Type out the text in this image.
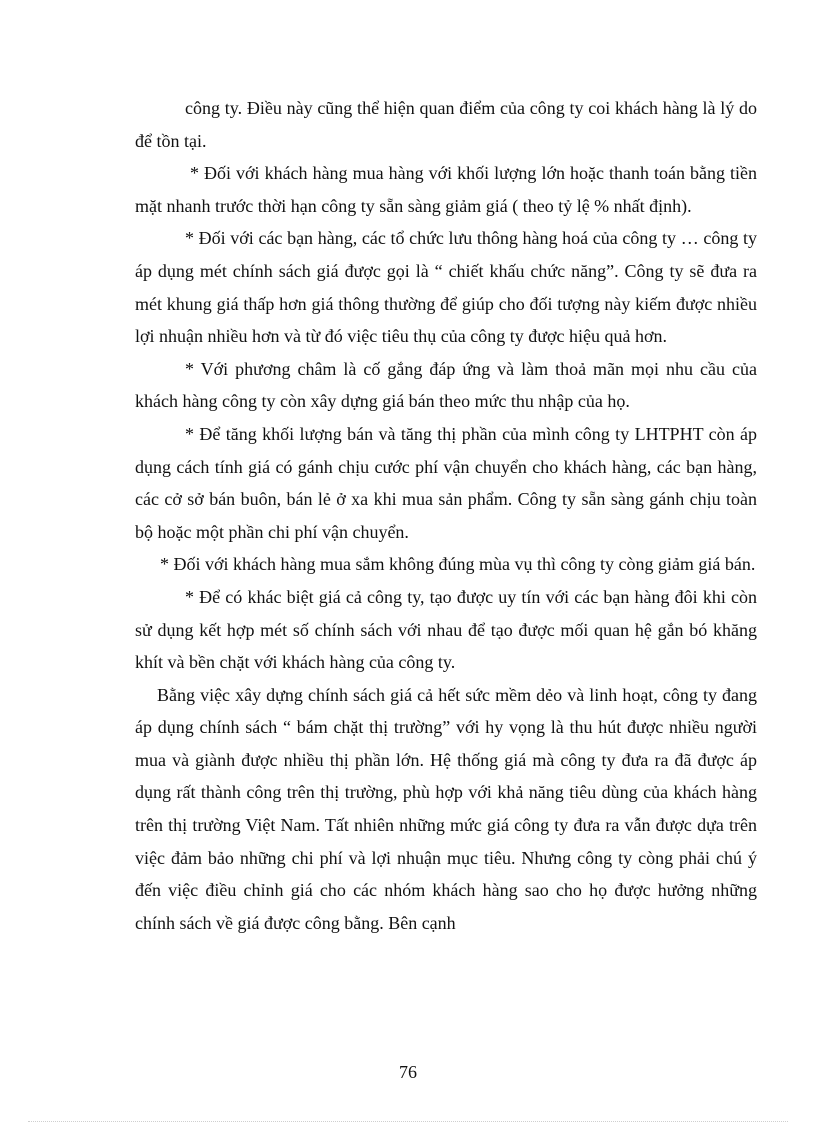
công ty. Điều này cũng thể hiện quan điểm của công ty coi khách hàng là lý do để tồn tại.

* Đối với khách hàng mua hàng với khối lượng lớn hoặc thanh toán bằng tiền mặt nhanh trước thời hạn công ty sẵn sàng giảm giá ( theo tỷ lệ % nhất định).

* Đối với các bạn hàng, các tổ chức lưu thông hàng hoá của công ty … công ty áp dụng mét chính sách giá được gọi là “ chiết khấu chức năng”. Công ty sẽ đưa ra mét khung giá thấp hơn giá thông thường để giúp cho đối tượng này kiếm được nhiều lợi nhuận nhiều hơn và từ đó việc tiêu thụ của công ty được hiệu quả hơn.

* Với phương châm là cố gắng đáp ứng và làm thoả mãn mọi nhu cầu của khách hàng công ty còn xây dựng giá bán theo mức thu nhập của họ.

* Để tăng khối lượng bán và tăng thị phần của mình công ty LHTPHT còn áp dụng cách tính giá có gánh chịu cước phí vận chuyển cho khách hàng, các bạn hàng, các cở sở bán buôn, bán lẻ ở xa khi mua sản phẩm. Công ty sẵn sàng gánh chịu toàn bộ hoặc một phần chi phí vận chuyển.

* Đối với khách hàng mua sắm không đúng mùa vụ thì công ty còng giảm giá bán.

* Để có khác biệt giá cả công ty, tạo được uy tín với các bạn hàng đôi khi còn sử dụng kết hợp mét số chính sách với nhau để tạo được mối quan hệ gắn bó khăng khít và bền chặt với khách hàng của công ty.

Bằng việc xây dựng chính sách giá cả hết sức mềm dẻo và linh hoạt, công ty đang áp dụng chính sách “ bám chặt thị trường” với hy vọng là thu hút được nhiều người mua và giành được nhiều thị phần lớn. Hệ thống giá mà công ty đưa ra đã được áp dụng rất thành công trên thị trường, phù hợp với khả năng tiêu dùng của khách hàng trên thị trường Việt Nam. Tất nhiên những mức giá công ty đưa ra vẫn được dựa trên việc đảm bảo những chi phí và lợi nhuận mục tiêu. Nhưng công ty còng phải chú ý đến việc điều chỉnh giá cho các nhóm khách hàng sao cho họ được hưởng những chính sách về giá được công bằng. Bên cạnh

76
